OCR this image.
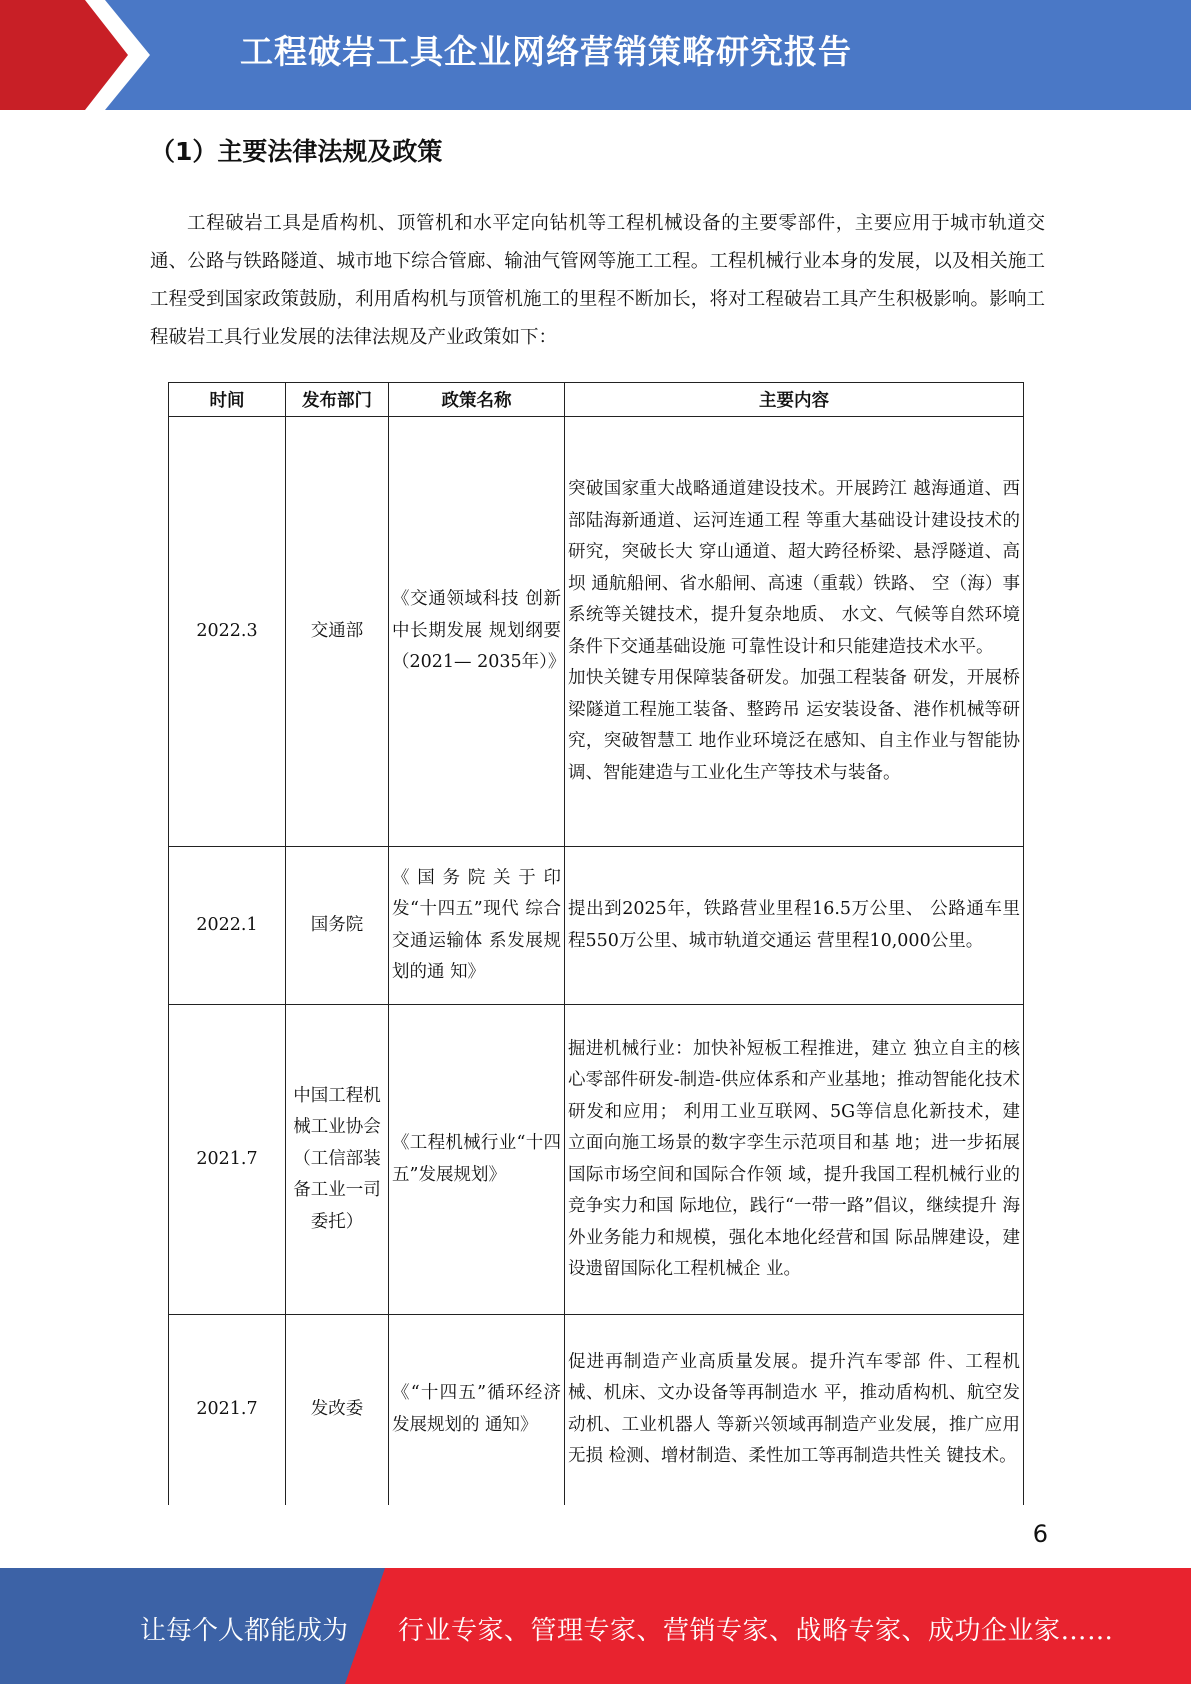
工程破岩工具企业网络营销策略研究报告
（1）主要法律法规及政策

工程破岩工具是盾构机、顶管机和水平定向钻机等工程机械设备的主要零部件，主要应用于城市轨道交通、公路与铁路隧道、城市地下综合管廊、输油气管网等施工工程。工程机械行业本身的发展，以及相关施工工程受到国家政策鼓励，利用盾构机与顶管机施工的里程不断加长，将对工程破岩工具产生积极影响。影响工程破岩工具行业发展的法律法规及产业政策如下：

时间	发布部门	政策名称	主要内容
2022.3	交通部	《交通领域科技 创新中长期发展 规划纲要（2021— 2035年）》	突破国家重大战略通道建设技术。开展跨江 越海通道、西部陆海新通道、运河连通工程 等重大基础设计建设技术的研究，突破长大 穿山通道、超大跨径桥梁、悬浮隧道、高坝 通航船闸、省水船闸、高速（重载）铁路、 空（海）事系统等关键技术，提升复杂地质、 水文、气候等自然环境条件下交通基础设施 可靠性设计和只能建造技术水平。

加快关键专用保障装备研发。加强工程装备 研发，开展桥梁隧道工程施工装备、整跨吊 运安装设备、港作机械等研究，突破智慧工 地作业环境泛在感知、自主作业与智能协 调、智能建造与工业化生产等技术与装备。

2022.1	国务院	《国务院关于印 发“十四五”现代 综合交通运输体 系发展规划的通 知》	提出到2025年，铁路营业里程16.5万公里、 公路通车里程550万公里、城市轨道交通运 营里程10,000公里。

2021.7	中国工程机械工业协会（工信部装备工业一司委托）	《工程机械行业“十四五”发展规划》	掘进机械行业：加快补短板工程推进，建立 独立自主的核心零部件研发-制造-供应体系和产业基地；推动智能化技术研发和应用； 利用工业互联网、5G等信息化新技术，建 立面向施工场景的数字孪生示范项目和基 地；进一步拓展国际市场空间和国际合作领 域，提升我国工程机械行业的竞争实力和国 际地位，践行“一带一路”倡议，继续提升 海外业务能力和规模，强化本地化经营和国 际品牌建设，建设遗留国际化工程机械企 业。

2021.7	发改委	《“十四五”循环经济发展规划的 通知》	促进再制造产业高质量发展。提升汽车零部 件、工程机械、机床、文办设备等再制造水 平，推动盾构机、航空发动机、工业机器人 等新兴领域再制造产业发展，推广应用无损 检测、增材制造、柔性加工等再制造共性关 键技术。

6
让每个人都能成为 行业专家、管理专家、营销专家、战略专家、成功企业家……
